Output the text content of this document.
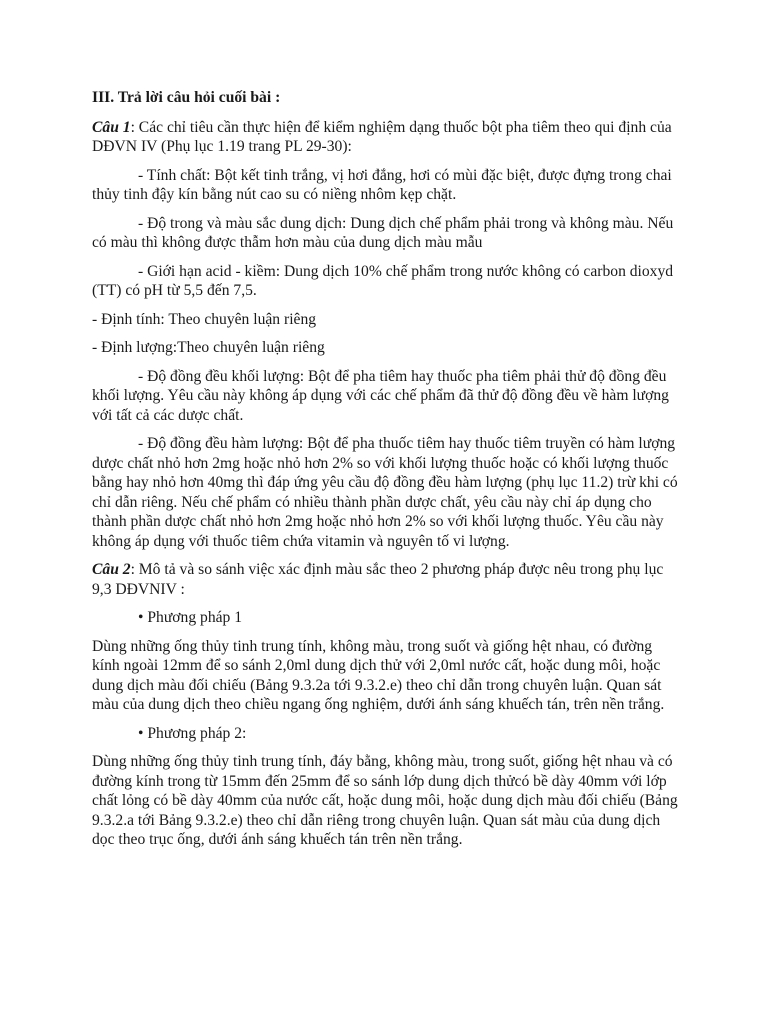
III. Trả lời câu hỏi cuối bài :

Câu 1: Các chỉ tiêu cần thực hiện để kiểm nghiệm dạng thuốc bột pha tiêm theo qui định của DĐVN IV (Phụ lục 1.19 trang PL 29-30):

- Tính chất: Bột kết tinh trắng, vị hơi đắng, hơi có mùi đặc biệt, được đựng trong chai thủy tinh đậy kín bằng nút cao su có niềng nhôm kẹp chặt.

- Độ trong và màu sắc dung dịch: Dung dịch chế phẩm phải trong và không màu. Nếu có màu thì không được thẫm hơn màu của dung dịch màu mẫu

- Giới hạn acid - kiềm: Dung dịch 10% chế phẩm trong nước không có carbon dioxyd (TT) có pH từ 5,5 đến 7,5.

- Định tính: Theo chuyên luận riêng

- Định lượng:Theo chuyên luận riêng

- Độ đồng đều khối lượng: Bột để pha tiêm hay thuốc pha tiêm phải thử độ đồng đều khối lượng. Yêu cầu này không áp dụng với các chế phẩm đã thử độ đồng đều về hàm lượng với tất cả các dược chất.

- Độ đồng đều hàm lượng: Bột để pha thuốc tiêm hay thuốc tiêm truyền có hàm lượng dược chất nhỏ hơn 2mg hoặc nhỏ hơn 2% so với khối lượng thuốc hoặc có khối lượng thuốc bằng hay nhỏ hơn 40mg thì đáp ứng yêu cầu độ đồng đều hàm lượng (phụ lục 11.2) trừ khi có chỉ dẫn riêng. Nếu chế phẩm có nhiều thành phần dược chất, yêu cầu này chỉ áp dụng cho thành phần dược chất nhỏ hơn 2mg hoặc nhỏ hơn 2% so với khối lượng thuốc. Yêu cầu này không áp dụng với thuốc tiêm chứa vitamin và nguyên tố vi lượng.

Câu 2: Mô tả và so sánh việc xác định màu sắc theo 2 phương pháp được nêu trong phụ lục 9,3 DĐVNIV :

• Phương pháp 1

Dùng những ống thủy tinh trung tính, không màu, trong suốt và giống hệt nhau, có đường kính ngoài 12mm để so sánh 2,0ml dung dịch thử với 2,0ml nước cất, hoặc dung môi, hoặc dung dịch màu đối chiếu (Bảng 9.3.2a tới 9.3.2.e) theo chỉ dẫn trong chuyên luận. Quan sát màu của dung dịch theo chiều ngang ống nghiệm, dưới ánh sáng khuếch tán, trên nền trắng.

• Phương pháp 2:

Dùng những ống thủy tinh trung tính, đáy bằng, không màu, trong suốt, giống hệt nhau và có đường kính trong từ 15mm đến 25mm để so sánh lớp dung dịch thửcó bề dày 40mm với lớp chất lỏng có bề dày 40mm của nước cất, hoặc dung môi, hoặc dung dịch màu đối chiếu (Bảng 9.3.2.a tới Bảng 9.3.2.e) theo chỉ dẫn riêng trong chuyên luận. Quan sát màu của dung dịch dọc theo trục ống, dưới ánh sáng khuếch tán trên nền trắng.
